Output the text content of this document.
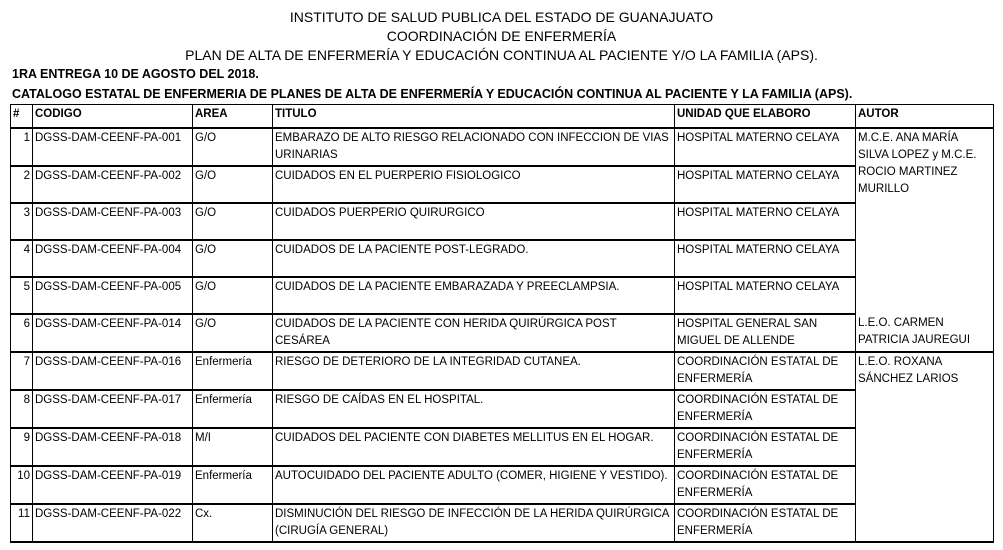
INSTITUTO DE SALUD PUBLICA DEL ESTADO DE GUANAJUATO
COORDINACIÓN DE ENFERMERÍA
PLAN DE ALTA DE ENFERMERÍA Y EDUCACIÓN CONTINUA AL PACIENTE Y/O LA FAMILIA (APS).
1RA ENTREGA 10 DE AGOSTO DEL 2018.
CATALOGO ESTATAL DE ENFERMERIA DE PLANES DE ALTA DE ENFERMERÍA Y EDUCACIÓN CONTINUA AL PACIENTE Y LA FAMILIA (APS).
#	CODIGO	AREA	TITULO	UNIDAD QUE ELABORO	AUTOR
1	DGSS-DAM-CEENF-PA-001	G/O	EMBARAZO DE ALTO RIESGO RELACIONADO CON INFECCION DE VIAS URINARIAS	HOSPITAL MATERNO CELAYA	M.C.E. ANA MARÍA SILVA LOPEZ y M.C.E. ROCIO MARTINEZ MURILLO
2	DGSS-DAM-CEENF-PA-002	G/O	CUIDADOS EN EL PUERPERIO FISIOLOGICO	HOSPITAL MATERNO CELAYA	
3	DGSS-DAM-CEENF-PA-003	G/O	CUIDADOS PUERPERIO QUIRURGICO	HOSPITAL MATERNO CELAYA	
4	DGSS-DAM-CEENF-PA-004	G/O	CUIDADOS DE LA PACIENTE POST-LEGRADO.	HOSPITAL MATERNO CELAYA	
5	DGSS-DAM-CEENF-PA-005	G/O	CUIDADOS DE LA PACIENTE EMBARAZADA Y PREECLAMPSIA.	HOSPITAL MATERNO CELAYA	
6	DGSS-DAM-CEENF-PA-014	G/O	CUIDADOS DE LA PACIENTE CON HERIDA QUIRÚRGICA POST CESÁREA	HOSPITAL GENERAL SAN MIGUEL DE ALLENDE	L.E.O. CARMEN PATRICIA JAUREGUI
7	DGSS-DAM-CEENF-PA-016	Enfermería	RIESGO DE DETERIORO DE LA INTEGRIDAD CUTANEA.	COORDINACIÓN ESTATAL DE ENFERMERÍA	L.E.O. ROXANA SÁNCHEZ LARIOS
8	DGSS-DAM-CEENF-PA-017	Enfermería	RIESGO DE CAÍDAS EN EL HOSPITAL.	COORDINACIÓN ESTATAL DE ENFERMERÍA	
9	DGSS-DAM-CEENF-PA-018	M/I	CUIDADOS DEL PACIENTE CON DIABETES MELLITUS EN EL HOGAR.	COORDINACIÓN ESTATAL DE ENFERMERÍA	
10	DGSS-DAM-CEENF-PA-019	Enfermería	AUTOCUIDADO DEL PACIENTE ADULTO (COMER, HIGIENE Y VESTIDO).	COORDINACIÓN ESTATAL DE ENFERMERÍA	
11	DGSS-DAM-CEENF-PA-022	Cx.	DISMINUCIÓN DEL RIESGO DE INFECCIÓN DE LA HERIDA QUIRÚRGICA (CIRUGÍA GENERAL)	COORDINACIÓN ESTATAL DE ENFERMERÍA	
